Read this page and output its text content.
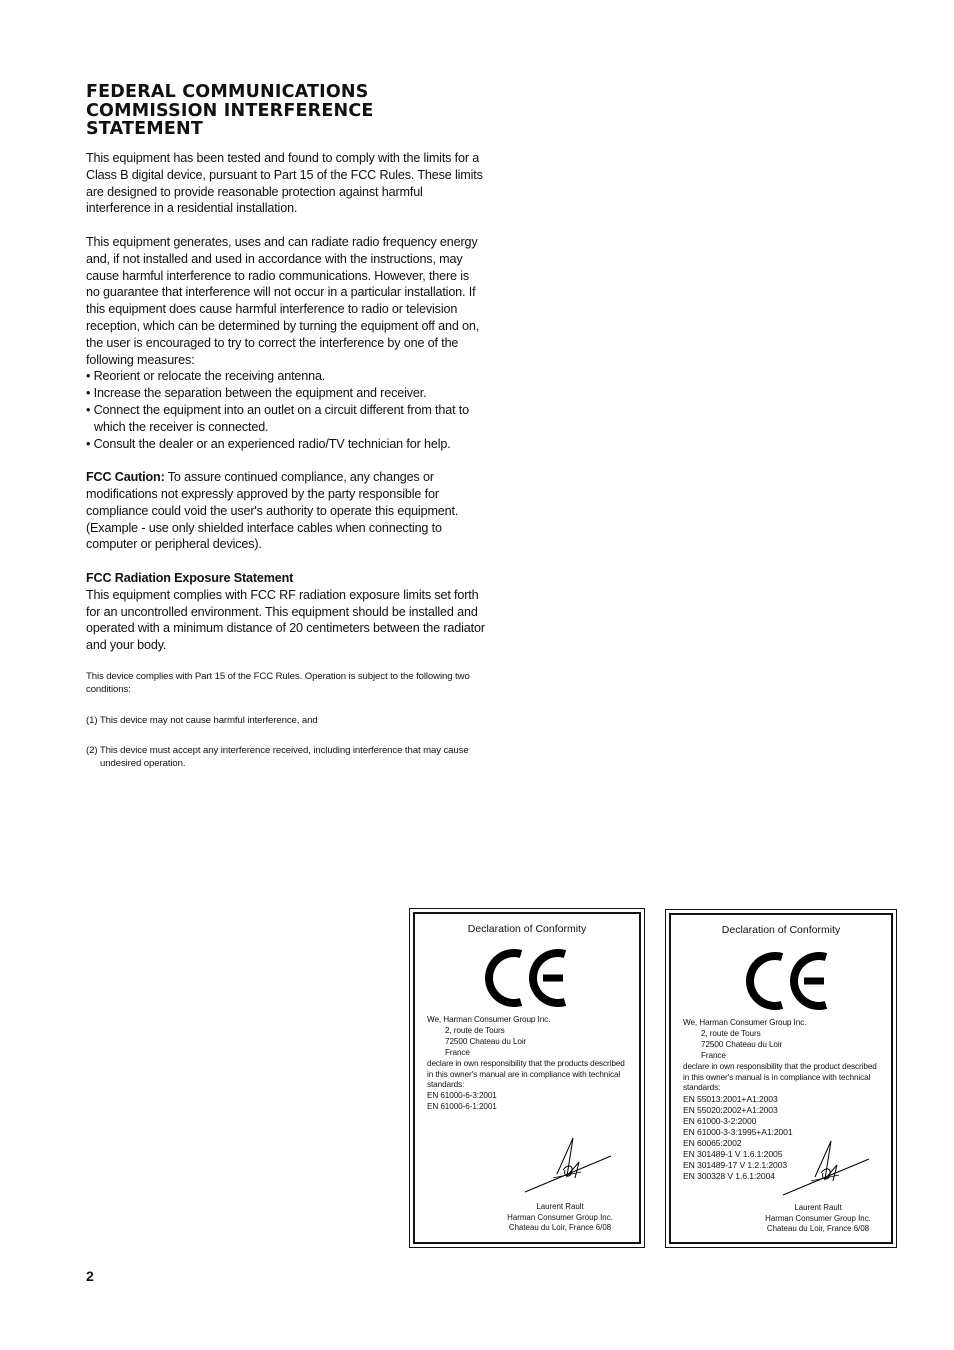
FEDERAL COMMUNICATIONS
COMMISSION INTERFERENCE
STATEMENT

This equipment has been tested and found to comply with the limits for a Class B digital device, pursuant to Part 15 of the FCC Rules. These limits are designed to provide reasonable protection against harmful interference in a residential installation.

This equipment generates, uses and can radiate radio frequency energy and, if not installed and used in accordance with the instructions, may cause harmful interference to radio communications. However, there is no guarantee that interference will not occur in a particular installation. If this equipment does cause harmful interference to radio or television reception, which can be determined by turning the equipment off and on, the user is encouraged to try to correct the interference by one of the following measures:

• Reorient or relocate the receiving antenna.
• Increase the separation between the equipment and receiver.
• Connect the equipment into an outlet on a circuit different from that to which the receiver is connected.
• Consult the dealer or an experienced radio/TV technician for help.

FCC Caution: To assure continued compliance, any changes or modifications not expressly approved by the party responsible for compliance could void the user's authority to operate this equipment. (Example - use only shielded interface cables when connecting to computer or peripheral devices).

FCC Radiation Exposure Statement
This equipment complies with FCC RF radiation exposure limits set forth for an uncontrolled environment. This equipment should be installed and operated with a minimum distance of 20 centimeters between the radiator and your body.

This device complies with Part 15 of the FCC Rules. Operation is subject to the following two conditions:

(1) This device may not cause harmful interference, and

(2) This device must accept any interference received, including interference that may cause undesired operation.

Declaration of Conformity
We, Harman Consumer Group Inc.
2, route de Tours
72500 Chateau du Loir
France
declare in own responsibility that the products described
in this owner's manual are in compliance with technical
standards:
EN 61000-6-3:2001
EN 61000-6-1:2001
Laurent Rault
Harman Consumer Group Inc.
Chateau du Loir, France 6/08
Declaration of Conformity
We, Harman Consumer Group Inc.
2, route de Tours
72500 Chateau du Loir
France
declare in own responsibility that the product described
in this owner's manual is in compliance with technical
standards:
EN 55013:2001+A1:2003
EN 55020:2002+A1:2003
EN 61000-3-2:2000
EN 61000-3-3:1995+A1:2001
EN 60065:2002
EN 301489-1 V 1.6.1:2005
EN 301489-17 V 1.2.1:2003
EN 300328 V 1.6.1:2004
Laurent Rault
Harman Consumer Group Inc.
Chateau du Loir, France 6/08
2
